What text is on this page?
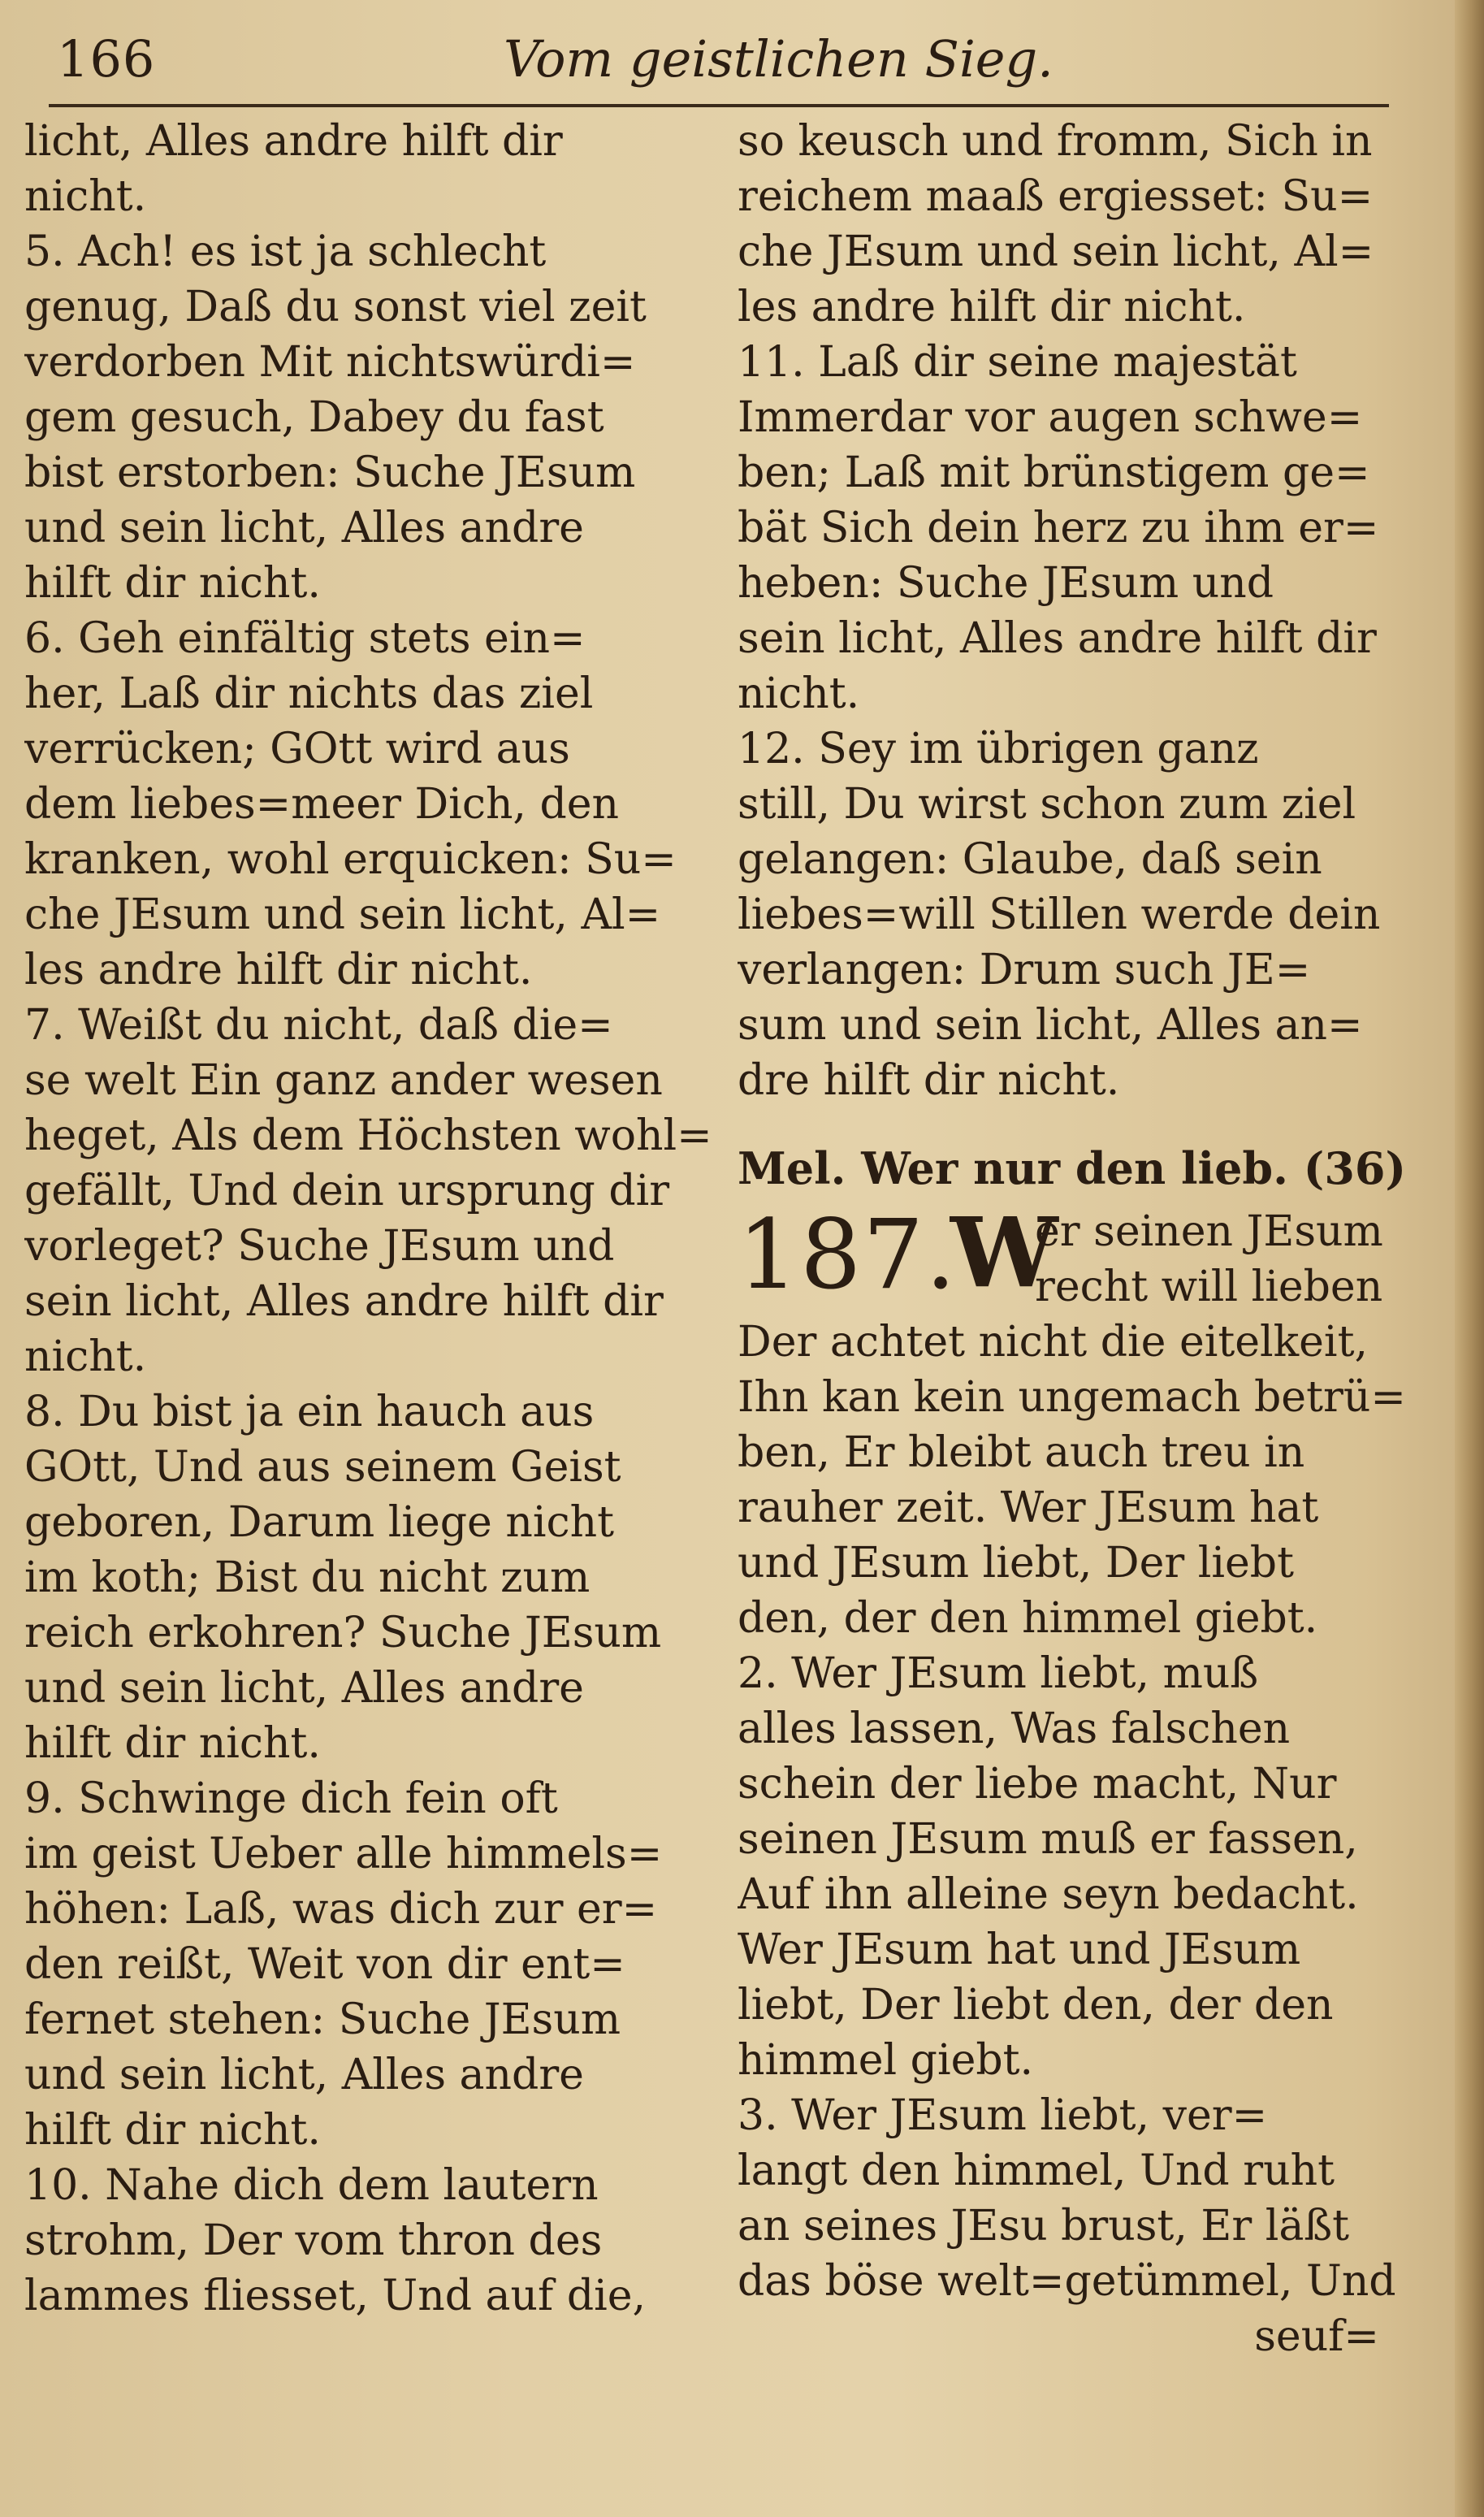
166	Vom geistlichen Sieg.
licht, Alles andre hilft dir
nicht.
5. Ach! es ist ja schlecht
genug, Daß du sonst viel zeit
verdorben Mit nichtswürdi=
gem gesuch, Dabey du fast
bist erstorben: Suche JEsum
und sein licht, Alles andre
hilft dir nicht.
6. Geh einfältig stets ein=
her, Laß dir nichts das ziel
verrücken; GOtt wird aus
dem liebes=meer Dich, den
kranken, wohl erquicken: Su=
che JEsum und sein licht, Al=
les andre hilft dir nicht.
7. Weißt du nicht, daß die=
se welt Ein ganz ander wesen
heget, Als dem Höchsten wohl=
gefällt, Und dein ursprung dir
vorleget? Suche JEsum und
sein licht, Alles andre hilft dir
nicht.
8. Du bist ja ein hauch aus
GOtt, Und aus seinem Geist
geboren, Darum liege nicht
im koth; Bist du nicht zum
reich erkohren? Suche JEsum
und sein licht, Alles andre
hilft dir nicht.
9. Schwinge dich fein oft
im geist Ueber alle himmels=
höhen: Laß, was dich zur er=
den reißt, Weit von dir ent=
fernet stehen: Suche JEsum
und sein licht, Alles andre
hilft dir nicht.
10. Nahe dich dem lautern
strohm, Der vom thron des
lammes fliesset, Und auf die,
so keusch und fromm, Sich in
reichem maaß ergiesset: Su=
che JEsum und sein licht, Al=
les andre hilft dir nicht.
11. Laß dir seine majestät
Immerdar vor augen schwe=
ben; Laß mit brünstigem ge=
bät Sich dein herz zu ihm er=
heben: Suche JEsum und
sein licht, Alles andre hilft dir
nicht.
12. Sey im übrigen ganz
still, Du wirst schon zum ziel
gelangen: Glaube, daß sein
liebes=will Stillen werde dein
verlangen: Drum such JE=
sum und sein licht, Alles an=
dre hilft dir nicht.
Mel. Wer nur den lieb. (36)
187.
W
er seinen JEsum
recht will lieben
Der achtet nicht die eitelkeit,
Ihn kan kein ungemach betrü=
ben, Er bleibt auch treu in
rauher zeit. Wer JEsum hat
und JEsum liebt, Der liebt
den, der den himmel giebt.
2. Wer JEsum liebt, muß
alles lassen, Was falschen
schein der liebe macht, Nur
seinen JEsum muß er fassen,
Auf ihn alleine seyn bedacht.
Wer JEsum hat und JEsum
liebt, Der liebt den, der den
himmel giebt.
3. Wer JEsum liebt, ver=
langt den himmel, Und ruht
an seines JEsu brust, Er läßt
das böse welt=getümmel, Und
seuf=
